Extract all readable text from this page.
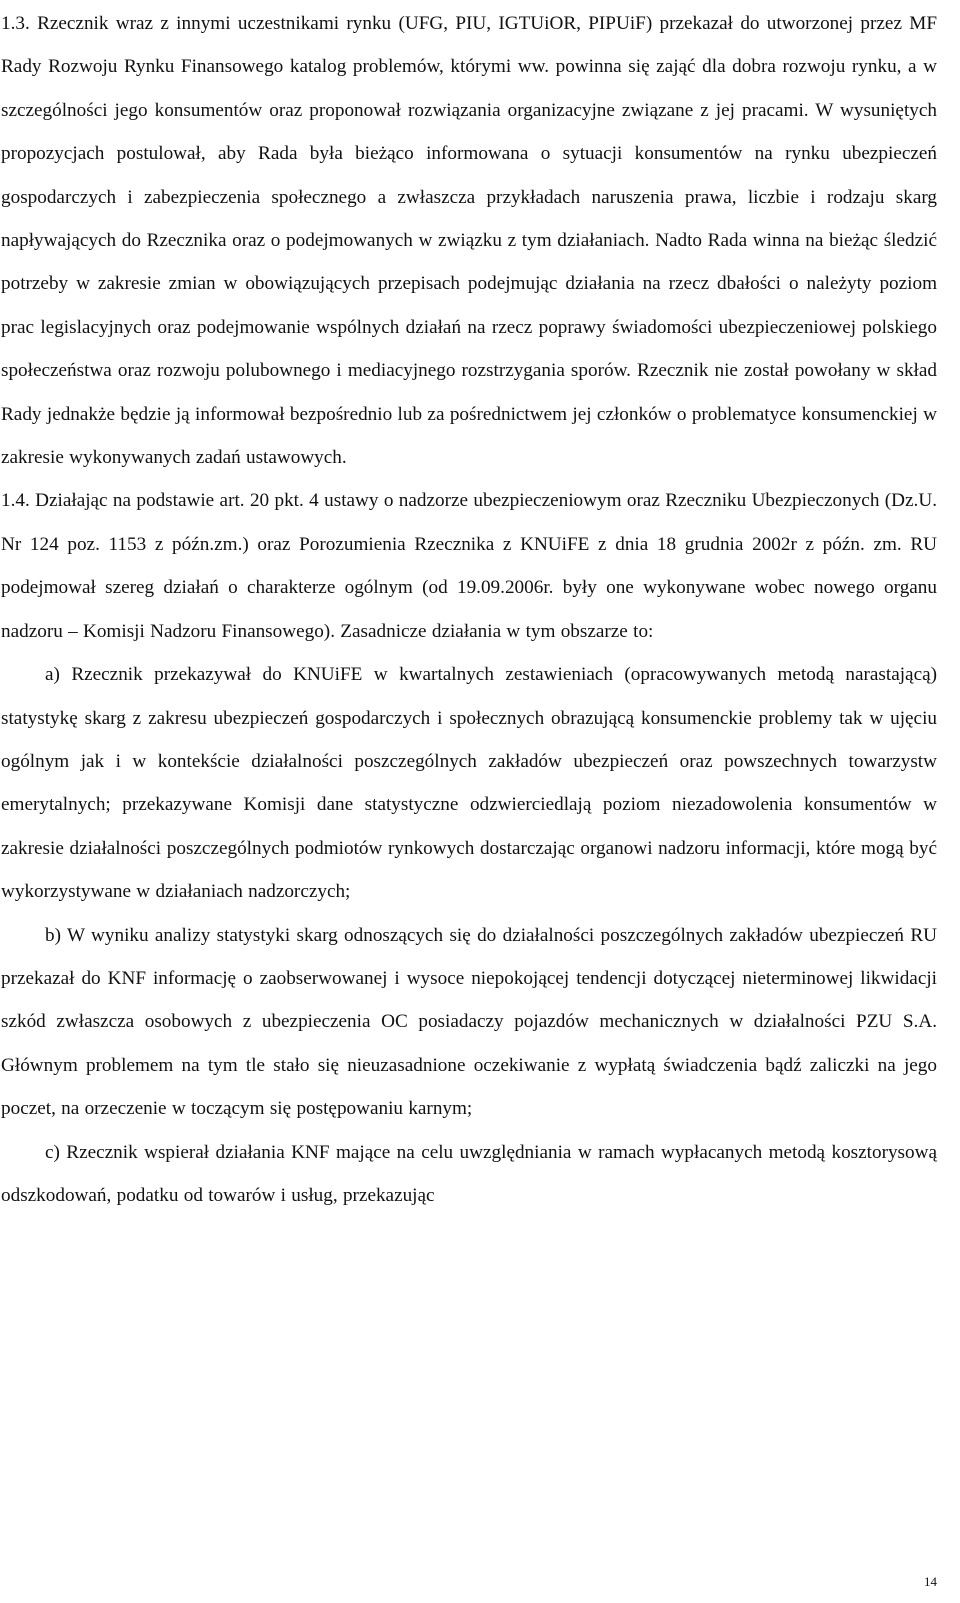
1.3. Rzecznik wraz z innymi uczestnikami rynku (UFG, PIU, IGTUiOR, PIPUiF) przekazał do utworzonej przez MF Rady Rozwoju Rynku Finansowego katalog problemów, którymi ww. powinna się zająć dla dobra rozwoju rynku, a w szczególności jego konsumentów oraz proponował rozwiązania organizacyjne związane z jej pracami. W wysuniętych propozycjach postulował, aby Rada była bieżąco informowana o sytuacji konsumentów na rynku ubezpieczeń gospodarczych i zabezpieczenia społecznego a zwłaszcza przykładach naruszenia prawa, liczbie i rodzaju skarg napływających do Rzecznika oraz o podejmowanych w związku z tym działaniach. Nadto Rada winna na bieżąc śledzić potrzeby w zakresie zmian w obowiązujących przepisach podejmując działania na rzecz dbałości o należyty poziom prac legislacyjnych oraz podejmowanie wspólnych działań na rzecz poprawy świadomości ubezpieczeniowej polskiego społeczeństwa oraz rozwoju polubownego i mediacyjnego rozstrzygania sporów. Rzecznik nie został powołany w skład Rady jednakże będzie ją informował bezpośrednio lub za pośrednictwem jej członków o problematyce konsumenckiej w zakresie wykonywanych zadań ustawowych.

1.4. Działając na podstawie art. 20 pkt. 4 ustawy o nadzorze ubezpieczeniowym oraz Rzeczniku Ubezpieczonych (Dz.U. Nr 124 poz. 1153 z późn.zm.) oraz Porozumienia Rzecznika z KNUiFE z dnia 18 grudnia 2002r z późn. zm. RU podejmował szereg działań o charakterze ogólnym (od 19.09.2006r. były one wykonywane wobec nowego organu nadzoru – Komisji Nadzoru Finansowego). Zasadnicze działania w tym obszarze to:

a) Rzecznik przekazywał do KNUiFE w kwartalnych zestawieniach (opracowywanych metodą narastającą) statystykę skarg z zakresu ubezpieczeń gospodarczych i społecznych obrazującą konsumenckie problemy tak w ujęciu ogólnym jak i w kontekście działalności poszczególnych zakładów ubezpieczeń oraz powszechnych towarzystw emerytalnych; przekazywane Komisji dane statystyczne odzwierciedlają poziom niezadowolenia konsumentów w zakresie działalności poszczególnych podmiotów rynkowych dostarczając organowi nadzoru informacji, które mogą być wykorzystywane w działaniach nadzorczych;

b) W wyniku analizy statystyki skarg odnoszących się do działalności poszczególnych zakładów ubezpieczeń RU przekazał do KNF informację o zaobserwowanej i wysoce niepokojącej tendencji dotyczącej nieterminowej likwidacji szkód zwłaszcza osobowych z ubezpieczenia OC posiadaczy pojazdów mechanicznych w działalności PZU S.A. Głównym problemem na tym tle stało się nieuzasadnione oczekiwanie z wypłatą świadczenia bądź zaliczki na jego poczet, na orzeczenie w toczącym się postępowaniu karnym;

c) Rzecznik wspierał działania KNF mające na celu uwzględniania w ramach wypłacanych metodą kosztorysową odszkodowań, podatku od towarów i usług, przekazując

14
